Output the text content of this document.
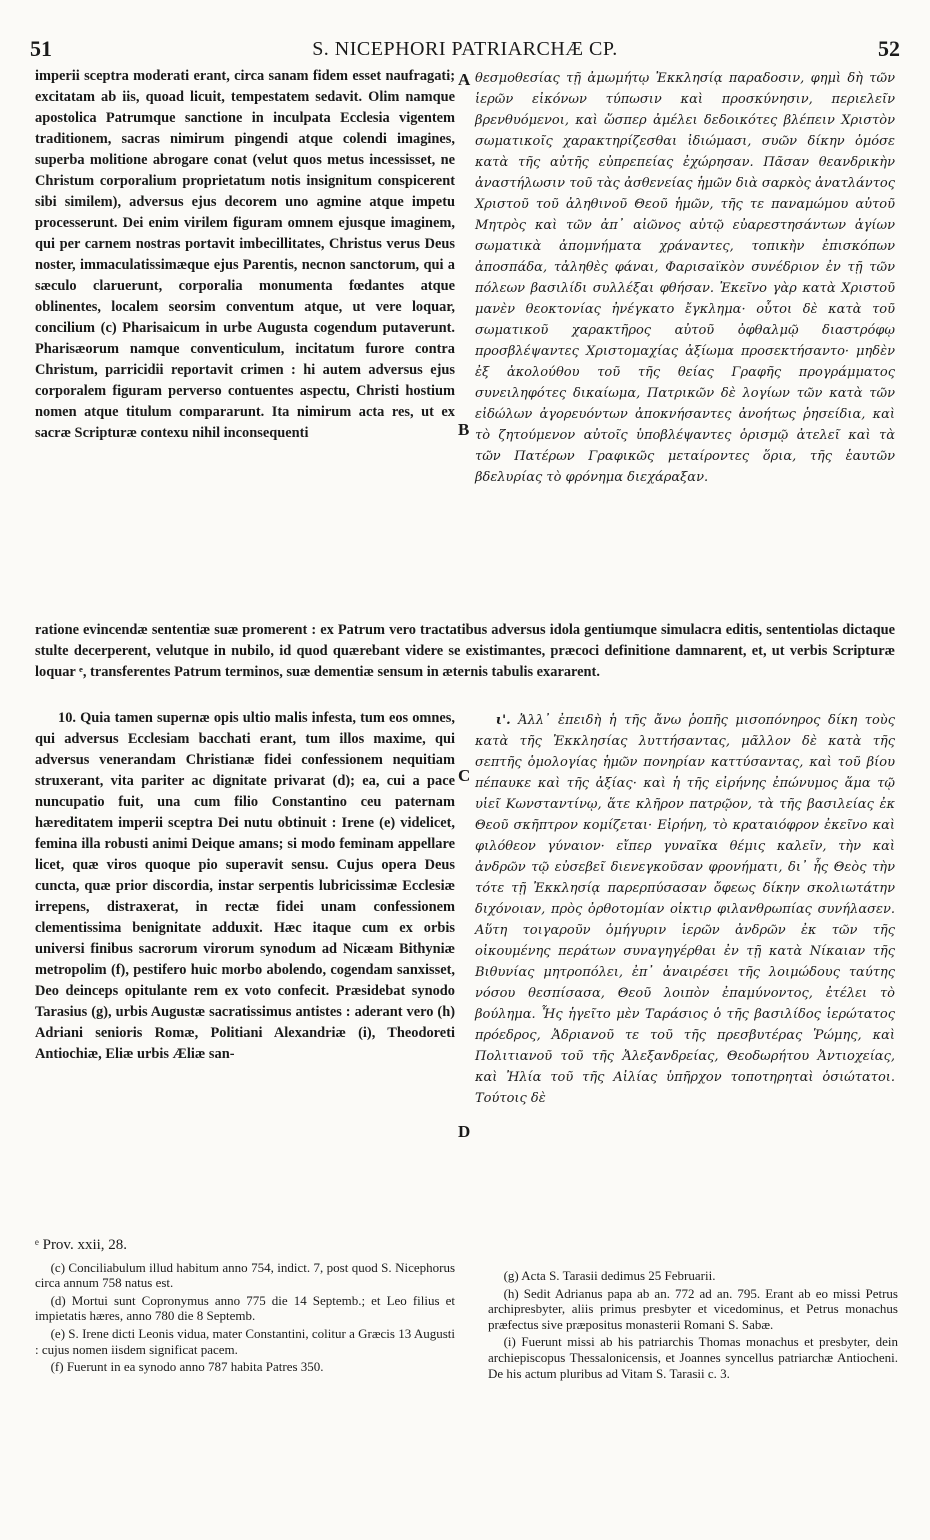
51	S. NICEPHORI PATRIARCHÆ CP.	52

imperii sceptra moderati erant, circa sanam fidem esset naufragati; excitatam ab iis, quoad licuit, tempestatem sedavit. Olim namque apostolica Patrumque sanctione in inculpata Ecclesia vigentem traditionem, sacras nimirum pingendi atque colendi imagines, superba molitione abrogare conat (velut quos metus incessisset, ne Christum corporalium proprietatum notis insignitum conspicerent sibi similem), adversus ejus decorem uno agmine atque impetu processerunt. Dei enim virilem figuram omnem ejusque imaginem, qui per carnem nostras portavit imbecillitates, Christus verus Deus noster, immaculatissimæque ejus Parentis, necnon sanctorum, qui a sæculo claruerunt, corporalia monumenta fœdantes atque oblinentes, localem seorsim conventum atque, ut vere loquar, concilium (c) Pharisaicum in urbe Augusta cogendum putaverunt. Pharisæorum namque conventiculum, incitatum furore contra Christum, parricidii reportavit crimen : hi autem adversus ejus corporalem figuram perverso contuentes aspectu, Christi hostium nomen atque titulum compararunt. Ita nimirum acta res, ut ex sacræ Scripturæ contexu nihil inconsequenti

θεσμοθεσίας τῇ ἀμωμήτῳ Ἐκκλησίᾳ παραδοσιν, φημὶ δὴ τῶν ἱερῶν εἰκόνων τύπωσιν καὶ προσκύνησιν, περιελεῖν βρενθυόμενοι, καὶ ὥσπερ ἀμέλει δεδοικότες βλέπειν Χριστὸν σωματικοῖς χαρακτηρίζεσθαι ἰδιώμασι, συῶν δίκην ὁμόσε κατὰ τῆς αὐτῆς εὐπρεπείας ἐχώρησαν. Πᾶσαν θεανδρικὴν ἀναστήλωσιν τοῦ τὰς ἀσθενείας ἡμῶν διὰ σαρκὸς ἀνατλάντος Χριστοῦ τοῦ ἀληθινοῦ Θεοῦ ἡμῶν, τῆς τε παναμώμου αὐτοῦ Μητρὸς καὶ τῶν ἀπ᾽ αἰῶνος αὐτῷ εὐαρεστησάντων ἁγίων σωματικὰ ἀπομνήματα χράναντες, τοπικὴν ἐπισκόπων ἀποσπάδα, τἀληθὲς φάναι, Φαρισαϊκὸν συνέδριον ἐν τῇ τῶν πόλεων βασιλίδι συλλέξαι φθήσαν. Ἐκεῖνο γὰρ κατὰ Χριστοῦ μανὲν θεοκτονίας ἠνέγκατο ἔγκλημα· οὗτοι δὲ κατὰ τοῦ σωματικοῦ χαρακτῆρος αὐτοῦ ὀφθαλμῷ διαστρόφῳ προσβλέψαντες Χριστομαχίας ἀξίωμα προσεκτήσαντο· μηδὲν ἐξ ἀκολούθου τοῦ τῆς θείας Γραφῆς προγράμματος συνειληφότες δικαίωμα, Πατρικῶν δὲ λογίων τῶν κατὰ τῶν εἰδώλων ἀγορευόντων ἀποκνήσαντες ἀνοήτως ῥησείδια, καὶ τὸ ζητούμενον αὐτοῖς ὑποβλέψαντες ὁρισμῷ ἀτελεῖ καὶ τὰ τῶν Πατέρων Γραφικῶς μεταίροντες ὅρια, τῆς ἑαυτῶν βδελυρίας τὸ φρόνημα διεχάραξαν.

A
B

ratione evincendæ sententiæ suæ promerent : ex Patrum vero tractatibus adversus idola gentiumque simulacra editis, sententiolas dictaque stulte decerperent, velutque in nubilo, id quod quærebant videre se existimantes, præcoci definitione damnarent, et, ut verbis Scripturæ loquar ᵉ, transferentes Patrum terminos, suæ dementiæ sensum in æternis tabulis exararent.

10. Quia tamen supernæ opis ultio malis infesta, tum eos omnes, qui adversus Ecclesiam bacchati erant, tum illos maxime, qui adversus venerandam Christianæ fidei confessionem nequitiam struxerant, vita pariter ac dignitate privarat (d); ea, cui a pace nuncupatio fuit, una cum filio Constantino ceu paternam hæreditatem imperii sceptra Dei nutu obtinuit : Irene (e) videlicet, femina illa robusti animi Deique amans; si modo feminam appellare licet, quæ viros quoque pio superavit sensu. Cujus opera Deus cuncta, quæ prior discordia, instar serpentis lubricissimæ Ecclesiæ irrepens, distraxerat, in rectæ fidei unam confessionem clementissima benignitate adduxit. Hæc itaque cum ex orbis universi finibus sacrorum virorum synodum ad Nicæam Bithyniæ metropolim (f), pestifero huic morbo abolendo, cogendam sanxisset, Deo deinceps opitulante rem ex voto confecit. Præsidebat synodo Tarasius (g), urbis Augustæ sacratissimus antistes : aderant vero (h) Adriani senioris Romæ, Politiani Alexandriæ (i), Theodoreti Antiochiæ, Eliæ urbis Æliæ san-

ι'. Ἀλλ᾽ ἐπειδὴ ἡ τῆς ἄνω ῥοπῆς μισοπόνηρος δίκη τοὺς κατὰ τῆς Ἐκκλησίας λυττήσαντας, μᾶλλον δὲ κατὰ τῆς σεπτῆς ὁμολογίας ἡμῶν πονηρίαν καττύσαντας, καὶ τοῦ βίου πέπαυκε καὶ τῆς ἀξίας· καὶ ἡ τῆς εἰρήνης ἐπώνυμος ἅμα τῷ υἱεῖ Κωνσταντίνῳ, ἅτε κλῆρον πατρῷον, τὰ τῆς βασιλείας ἐκ Θεοῦ σκῆπτρον κομίζεται· Εἰρήνη, τὸ κραταιόφρον ἐκεῖνο καὶ φιλόθεον γύναιον· εἴπερ γυναῖκα θέμις καλεῖν, τὴν καὶ ἀνδρῶν τῷ εὐσεβεῖ διενεγκοῦσαν φρονήματι, δι᾽ ἧς Θεὸς τὴν τότε τῇ Ἐκκλησίᾳ παρερπύσασαν ὄφεως δίκην σκολιωτάτην διχόνοιαν, πρὸς ὀρθοτομίαν οἰκτιρ φιλανθρωπίας συνήλασεν. Αὕτη τοιγαροῦν ὁμήγυριν ἱερῶν ἀνδρῶν ἐκ τῶν τῆς οἰκουμένης περάτων συναγηγέρθαι ἐν τῇ κατὰ Νίκαιαν τῆς Βιθυνίας μητροπόλει, ἐπ᾽ ἀναιρέσει τῆς λοιμώδους ταύτης νόσου θεσπίσασα, Θεοῦ λοιπὸν ἐπαμύνοντος, ἐτέλει τὸ βούλημα. Ἧς ἡγεῖτο μὲν Ταράσιος ὁ τῆς βασιλίδος ἱερώτατος πρόεδρος, Ἀδριανοῦ τε τοῦ τῆς πρεσβυτέρας Ῥώμης, καὶ Πολιτιανοῦ τοῦ τῆς Ἀλεξανδρείας, Θεοδωρήτου Ἀντιοχείας, καὶ Ἠλία τοῦ τῆς Αἰλίας ὑπῆρχον τοποτηρηταὶ ὁσιώτατοι. Τούτοις δὲ

C
D

ᵉ Prov. xxii, 28.

(c) Conciliabulum illud habitum anno 754, indict. 7, post quod S. Nicephorus circa annum 758 natus est.

(d) Mortui sunt Copronymus anno 775 die 14 Septemb.; et Leo filius et impietatis hæres, anno 780 die 8 Septemb.

(e) S. Irene dicti Leonis vidua, mater Constantini, colitur a Græcis 13 Augusti : cujus nomen iisdem significat pacem.

(f) Fuerunt in ea synodo anno 787 habita Patres 350.

(g) Acta S. Tarasii dedimus 25 Februarii.

(h) Sedit Adrianus papa ab an. 772 ad an. 795. Erant ab eo missi Petrus archipresbyter, aliis primus presbyter et vicedominus, et Petrus monachus præfectus sive præpositus monasterii Romani S. Sabæ.

(i) Fuerunt missi ab his patriarchis Thomas monachus et presbyter, dein archiepiscopus Thessalonicensis, et Joannes syncellus patriarchæ Antiocheni. De his actum pluribus ad Vitam S. Tarasii c. 3.
